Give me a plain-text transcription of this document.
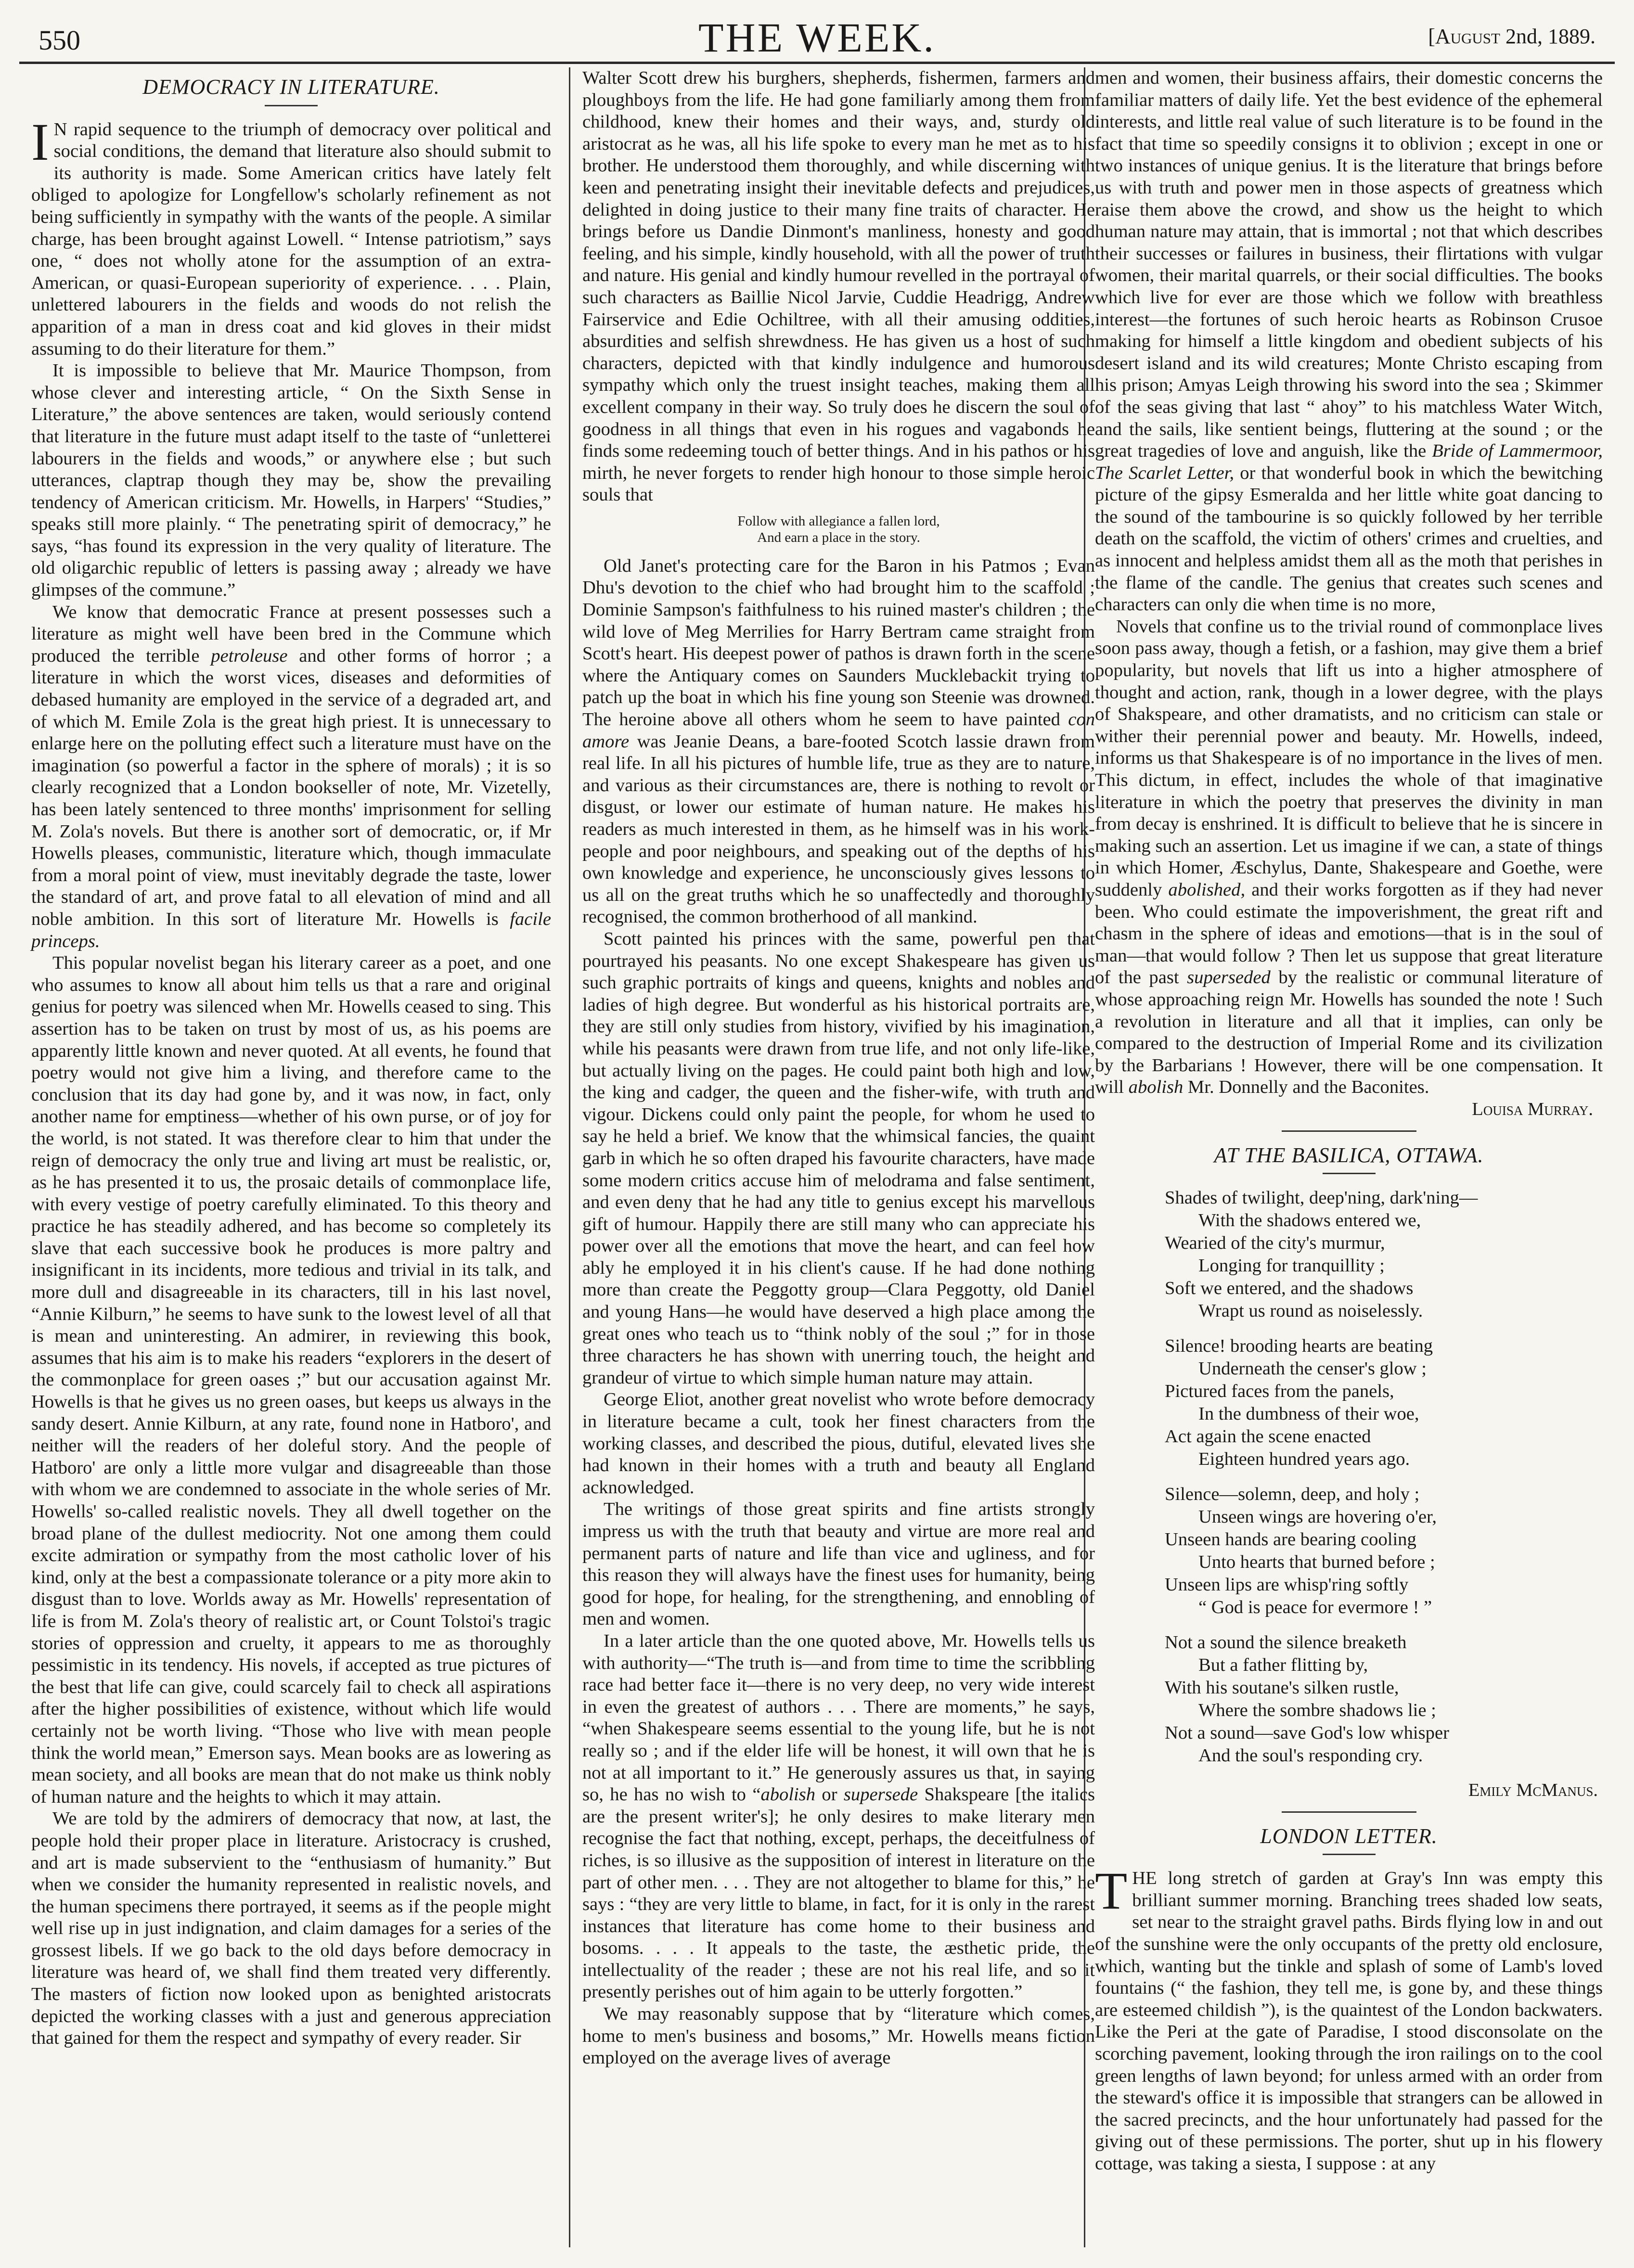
550	THE WEEK.	[August 2nd, 1889.
DEMOCRACY IN LITERATURE.

I N rapid sequence to the triumph of democracy over political and social conditions, the demand that literature also should submit to its authority is made. Some American critics have lately felt obliged to apologize for Longfellow's scholarly refinement as not being sufficiently in sympathy with the wants of the people. A similar charge, has been brought against Lowell. “ Intense patriotism,” says one, “ does not wholly atone for the assumption of an extra-American, or quasi-European superiority of experience. . . . Plain, unlettered labourers in the fields and woods do not relish the apparition of a man in dress coat and kid gloves in their midst assuming to do their literature for them.”

It is impossible to believe that Mr. Maurice Thompson, from whose clever and interesting article, “ On the Sixth Sense in Literature,” the above sentences are taken, would seriously contend that literature in the future must adapt itself to the taste of “unletterei labourers in the fields and woods,” or anywhere else ; but such utterances, claptrap though they may be, show the prevailing tendency of American criticism. Mr. Howells, in Harpers' “Studies,” speaks still more plainly. “ The penetrating spirit of democracy,” he says, “has found its expression in the very quality of literature. The old oligarchic republic of letters is passing away ; already we have glimpses of the commune.”

We know that democratic France at present possesses such a literature as might well have been bred in the Commune which produced the terrible petroleuse and other forms of horror ; a literature in which the worst vices, diseases and deformities of debased humanity are employed in the service of a degraded art, and of which M. Emile Zola is the great high priest. It is unnecessary to enlarge here on the polluting effect such a literature must have on the imagination (so powerful a factor in the sphere of morals) ; it is so clearly recognized that a London bookseller of note, Mr. Vizetelly, has been lately sentenced to three months' imprisonment for selling M. Zola's novels. But there is another sort of democratic, or, if Mr Howells pleases, communistic, literature which, though immaculate from a moral point of view, must inevitably degrade the taste, lower the standard of art, and prove fatal to all elevation of mind and all noble ambition. In this sort of literature Mr. Howells is facile princeps.

This popular novelist began his literary career as a poet, and one who assumes to know all about him tells us that a rare and original genius for poetry was silenced when Mr. Howells ceased to sing. This assertion has to be taken on trust by most of us, as his poems are apparently little known and never quoted. At all events, he found that poetry would not give him a living, and therefore came to the conclusion that its day had gone by, and it was now, in fact, only another name for emptiness—whether of his own purse, or of joy for the world, is not stated. It was therefore clear to him that under the reign of democracy the only true and living art must be realistic, or, as he has presented it to us, the prosaic details of commonplace life, with every vestige of poetry carefully eliminated. To this theory and practice he has steadily adhered, and has become so completely its slave that each successive book he produces is more paltry and insignificant in its incidents, more tedious and trivial in its talk, and more dull and disagreeable in its characters, till in his last novel, “Annie Kilburn,” he seems to have sunk to the lowest level of all that is mean and uninteresting. An admirer, in reviewing this book, assumes that his aim is to make his readers “explorers in the desert of the commonplace for green oases ;” but our accusation against Mr. Howells is that he gives us no green oases, but keeps us always in the sandy desert. Annie Kilburn, at any rate, found none in Hatboro', and neither will the readers of her doleful story. And the people of Hatboro' are only a little more vulgar and disagreeable than those with whom we are condemned to associate in the whole series of Mr. Howells' so-called realistic novels. They all dwell together on the broad plane of the dullest mediocrity. Not one among them could excite admiration or sympathy from the most catholic lover of his kind, only at the best a compassionate tolerance or a pity more akin to disgust than to love. Worlds away as Mr. Howells' representation of life is from M. Zola's theory of realistic art, or Count Tolstoi's tragic stories of oppression and cruelty, it appears to me as thoroughly pessimistic in its tendency. His novels, if accepted as true pictures of the best that life can give, could scarcely fail to check all aspirations after the higher possibilities of existence, without which life would certainly not be worth living. “Those who live with mean people think the world mean,” Emerson says. Mean books are as lowering as mean society, and all books are mean that do not make us think nobly of human nature and the heights to which it may attain.

We are told by the admirers of democracy that now, at last, the people hold their proper place in literature. Aristocracy is crushed, and art is made subservient to the “enthusiasm of humanity.” But when we consider the humanity represented in realistic novels, and the human specimens there portrayed, it seems as if the people might well rise up in just indignation, and claim damages for a series of the grossest libels. If we go back to the old days before democracy in literature was heard of, we shall find them treated very differently. The masters of fiction now looked upon as benighted aristocrats depicted the working classes with a just and generous appreciation that gained for them the respect and sympathy of every reader. Sir

Walter Scott drew his burghers, shepherds, fishermen, farmers and ploughboys from the life. He had gone familiarly among them from childhood, knew their homes and their ways, and, sturdy old aristocrat as he was, all his life spoke to every man he met as to his brother. He understood them thoroughly, and while discerning with keen and penetrating insight their inevitable defects and prejudices, delighted in doing justice to their many fine traits of character. He brings before us Dandie Dinmont's manliness, honesty and good feeling, and his simple, kindly household, with all the power of truth and nature. His genial and kindly humour revelled in the portrayal of such characters as Baillie Nicol Jarvie, Cuddie Headrigg, Andrew Fairservice and Edie Ochiltree, with all their amusing oddities, absurdities and selfish shrewdness. He has given us a host of such characters, depicted with that kindly indulgence and humorous sympathy which only the truest insight teaches, making them all excellent company in their way. So truly does he discern the soul of goodness in all things that even in his rogues and vagabonds he finds some redeeming touch of better things. And in his pathos or his mirth, he never forgets to render high honour to those simple heroic souls that

Follow with allegiance a fallen lord,
And earn a place in the story.

Old Janet's protecting care for the Baron in his Patmos ; Evan Dhu's devotion to the chief who had brought him to the scaffold ; Dominie Sampson's faithfulness to his ruined master's children ; the wild love of Meg Merrilies for Harry Bertram came straight from Scott's heart. His deepest power of pathos is drawn forth in the scene where the Antiquary comes on Saunders Mucklebackit trying to patch up the boat in which his fine young son Steenie was drowned. The heroine above all others whom he seem to have painted con amore was Jeanie Deans, a bare-footed Scotch lassie drawn from real life. In all his pictures of humble life, true as they are to nature, and various as their circumstances are, there is nothing to revolt or disgust, or lower our estimate of human nature. He makes his readers as much interested in them, as he himself was in his work-people and poor neighbours, and speaking out of the depths of his own knowledge and experience, he unconsciously gives lessons to us all on the great truths which he so unaffectedly and thoroughly recognised, the common brotherhood of all mankind.

Scott painted his princes with the same, powerful pen that pourtrayed his peasants. No one except Shakespeare has given us such graphic portraits of kings and queens, knights and nobles and ladies of high degree. But wonderful as his historical portraits are, they are still only studies from history, vivified by his imagination, while his peasants were drawn from true life, and not only life-like, but actually living on the pages. He could paint both high and low, the king and cadger, the queen and the fisher-wife, with truth and vigour. Dickens could only paint the people, for whom he used to say he held a brief. We know that the whimsical fancies, the quaint garb in which he so often draped his favourite characters, have made some modern critics accuse him of melodrama and false sentiment, and even deny that he had any title to genius except his marvellous gift of humour. Happily there are still many who can appreciate his power over all the emotions that move the heart, and can feel how ably he employed it in his client's cause. If he had done nothing more than create the Peggotty group—Clara Peggotty, old Daniel and young Hans—he would have deserved a high place among the great ones who teach us to “think nobly of the soul ;” for in those three characters he has shown with unerring touch, the height and grandeur of virtue to which simple human nature may attain.

George Eliot, another great novelist who wrote before democracy in literature became a cult, took her finest characters from the working classes, and described the pious, dutiful, elevated lives she had known in their homes with a truth and beauty all England acknowledged.

The writings of those great spirits and fine artists strongly impress us with the truth that beauty and virtue are more real and permanent parts of nature and life than vice and ugliness, and for this reason they will always have the finest uses for humanity, being good for hope, for healing, for the strengthening, and ennobling of men and women.

In a later article than the one quoted above, Mr. Howells tells us with authority—“The truth is—and from time to time the scribbling race had better face it—there is no very deep, no very wide interest in even the greatest of authors . . . There are moments,” he says, “when Shakespeare seems essential to the young life, but he is not really so ; and if the elder life will be honest, it will own that he is not at all important to it.” He generously assures us that, in saying so, he has no wish to “abolish or supersede Shakspeare [the italics are the present writer's]; he only desires to make literary men recognise the fact that nothing, except, perhaps, the deceitfulness of riches, is so illusive as the supposition of interest in literature on the part of other men. . . . They are not altogether to blame for this,” he says : “they are very little to blame, in fact, for it is only in the rarest instances that literature has come home to their business and bosoms. . . . It appeals to the taste, the æsthetic pride, the intellectuality of the reader ; these are not his real life, and so it presently perishes out of him again to be utterly forgotten.”

We may reasonably suppose that by “literature which comes, home to men's business and bosoms,” Mr. Howells means fiction employed on the average lives of average

men and women, their business affairs, their domestic concerns the familiar matters of daily life. Yet the best evidence of the ephemeral interests, and little real value of such literature is to be found in the fact that time so speedily consigns it to oblivion ; except in one or two instances of unique genius. It is the literature that brings before us with truth and power men in those aspects of greatness which raise them above the crowd, and show us the height to which human nature may attain, that is immortal ; not that which describes their successes or failures in business, their flirtations with vulgar women, their marital quarrels, or their social difficulties. The books which live for ever are those which we follow with breathless interest—the fortunes of such heroic hearts as Robinson Crusoe making for himself a little kingdom and obedient subjects of his desert island and its wild creatures; Monte Christo escaping from his prison; Amyas Leigh throwing his sword into the sea ; Skimmer of the seas giving that last “ ahoy” to his matchless Water Witch, and the sails, like sentient beings, fluttering at the sound ; or the great tragedies of love and anguish, like the Bride of Lammermoor, The Scarlet Letter, or that wonderful book in which the bewitching picture of the gipsy Esmeralda and her little white goat dancing to the sound of the tambourine is so quickly followed by her terrible death on the scaffold, the victim of others' crimes and cruelties, and as innocent and helpless amidst them all as the moth that perishes in the flame of the candle. The genius that creates such scenes and characters can only die when time is no more,

Novels that confine us to the trivial round of commonplace lives soon pass away, though a fetish, or a fashion, may give them a brief popularity, but novels that lift us into a higher atmosphere of thought and action, rank, though in a lower degree, with the plays of Shakspeare, and other dramatists, and no criticism can stale or wither their perennial power and beauty. Mr. Howells, indeed, informs us that Shakespeare is of no importance in the lives of men. This dictum, in effect, includes the whole of that imaginative literature in which the poetry that preserves the divinity in man from decay is enshrined. It is difficult to believe that he is sincere in making such an assertion. Let us imagine if we can, a state of things in which Homer, Æschylus, Dante, Shakespeare and Goethe, were suddenly abolished, and their works forgotten as if they had never been. Who could estimate the impoverishment, the great rift and chasm in the sphere of ideas and emotions—that is in the soul of man—that would follow ? Then let us suppose that great literature of the past superseded by the realistic or communal literature of whose approaching reign Mr. Howells has sounded the note ! Such a revolution in literature and all that it implies, can only be compared to the destruction of Imperial Rome and its civilization by the Barbarians ! However, there will be one compensation. It will abolish Mr. Donnelly and the Baconites.

Louisa Murray.
AT THE BASILICA, OTTAWA.
Shades of twilight, deep'ning, dark'ning—
With the shadows entered we,
Wearied of the city's murmur,
Longing for tranquillity ;
Soft we entered, and the shadows
Wrapt us round as noiselessly.
Silence! brooding hearts are beating
Underneath the censer's glow ;
Pictured faces from the panels,
In the dumbness of their woe,
Act again the scene enacted
Eighteen hundred years ago.
Silence—solemn, deep, and holy ;
Unseen wings are hovering o'er,
Unseen hands are bearing cooling
Unto hearts that burned before ;
Unseen lips are whisp'ring softly
“ God is peace for evermore ! ”
Not a sound the silence breaketh
But a father flitting by,
With his soutane's silken rustle,
Where the sombre shadows lie ;
Not a sound—save God's low whisper
And the soul's responding cry.
Emily McManus.
LONDON LETTER.

THE long stretch of garden at Gray's Inn was empty this brilliant summer morning. Branching trees shaded low seats, set near to the straight gravel paths. Birds flying low in and out of the sunshine were the only occupants of the pretty old enclosure, which, wanting but the tinkle and splash of some of Lamb's loved fountains (“ the fashion, they tell me, is gone by, and these things are esteemed childish ”), is the quaintest of the London backwaters. Like the Peri at the gate of Paradise, I stood disconsolate on the scorching pavement, looking through the iron railings on to the cool green lengths of lawn beyond; for unless armed with an order from the steward's office it is impossible that strangers can be allowed in the sacred precincts, and the hour unfortunately had passed for the giving out of these permissions. The porter, shut up in his flowery cottage, was taking a siesta, I suppose : at any
